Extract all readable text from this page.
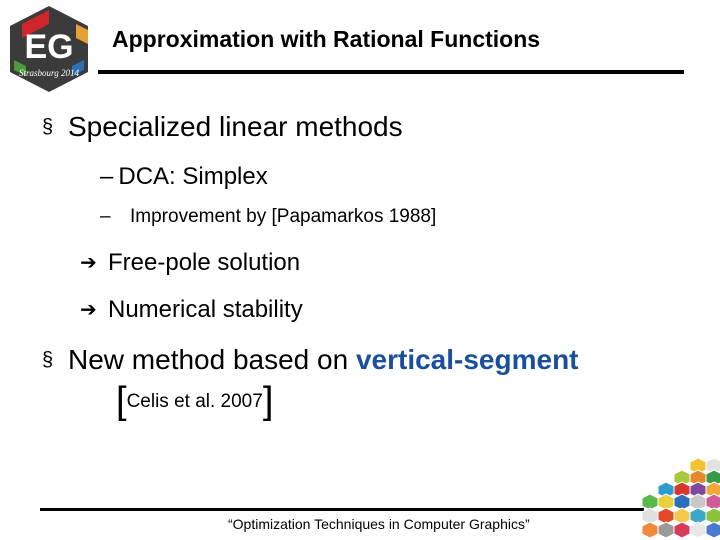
EG
Strasbourg 2014
Approximation with Rational Functions
§ Specialized linear methods
– DCA: Simplex
– Improvement by [Papamarkos 1988]
➔ Free-pole solution
➔ Numerical stability
§ New method based on vertical-segment
[Celis et al. 2007]
“Optimization Techniques in Computer Graphics”
